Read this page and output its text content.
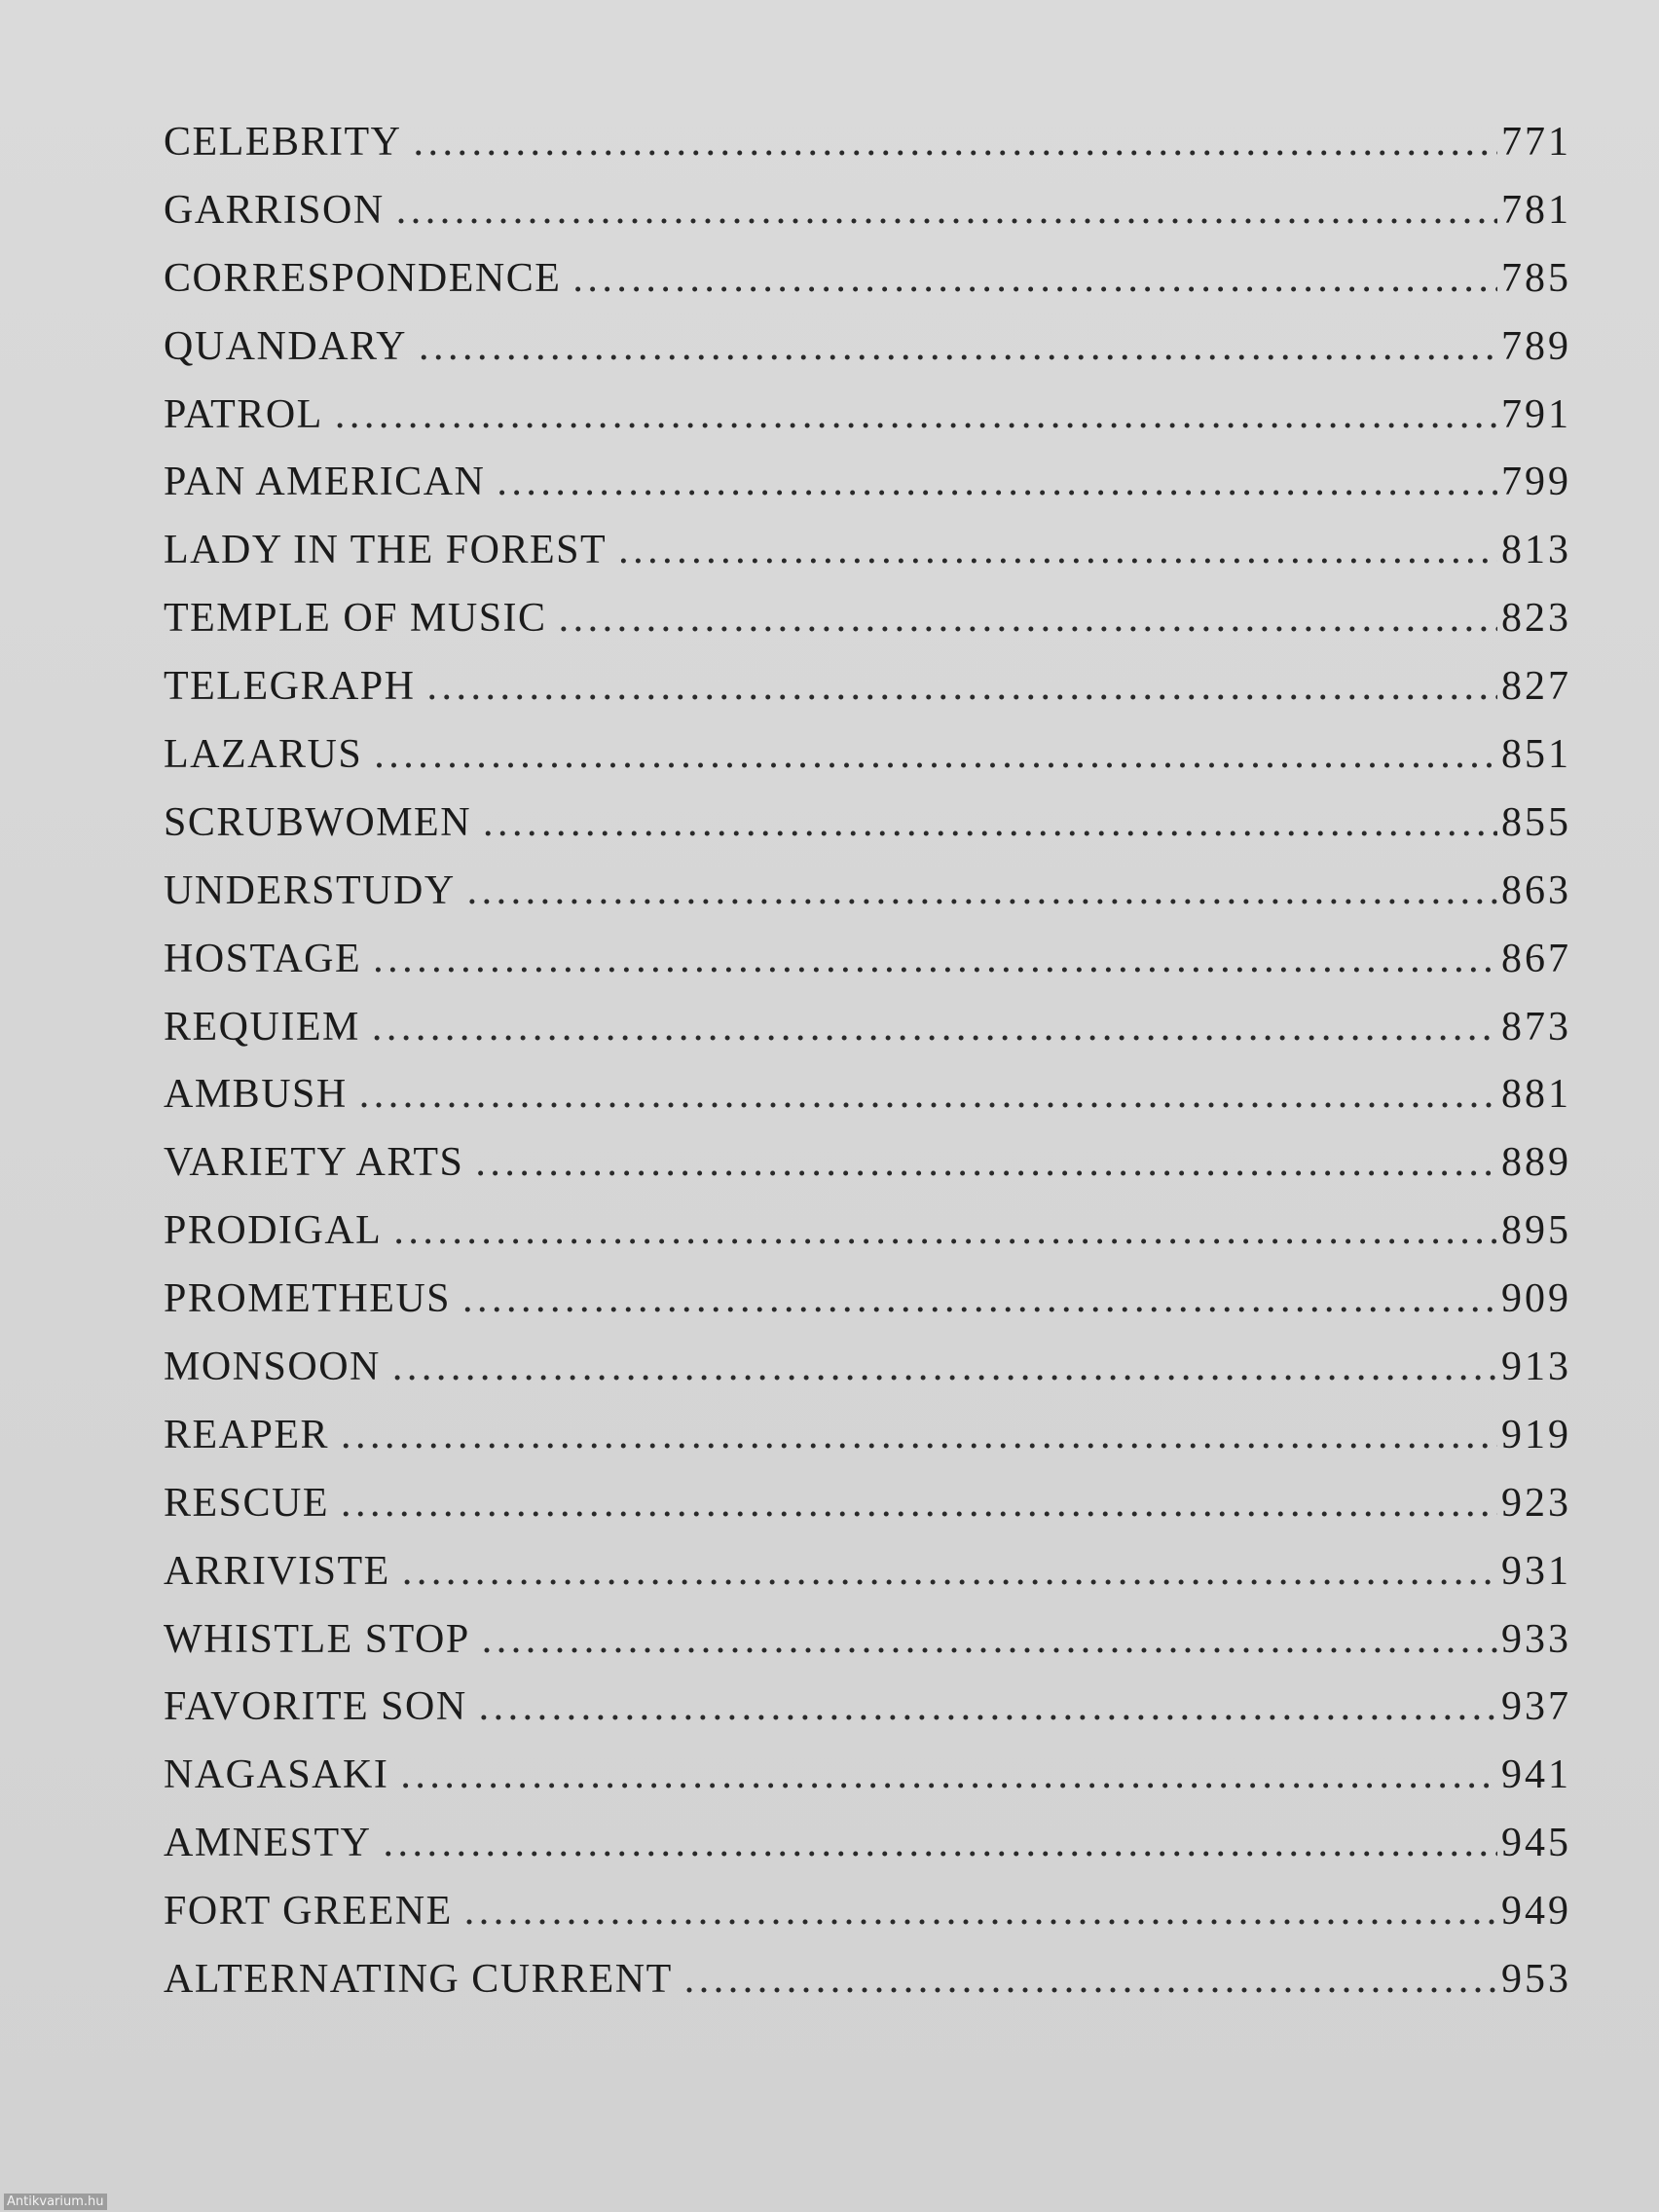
CELEBRITY . . .	771
GARRISON . . .	781
CORRESPONDENCE . . .	785
QUANDARY . . .	789
PATROL . . .	791
PAN AMERICAN . . .	799
LADY IN THE FOREST . . .	813
TEMPLE OF MUSIC . . .	823
TELEGRAPH . . .	827
LAZARUS . . .	851
SCRUBWOMEN . . .	855
UNDERSTUDY . . .	863
HOSTAGE . . .	867
REQUIEM . . .	873
AMBUSH . . .	881
VARIETY ARTS . . .	889
PRODIGAL . . .	895
PROMETHEUS . . .	909
MONSOON . . .	913
REAPER . . .	919
RESCUE . . .	923
ARRIVISTE . . .	931
WHISTLE STOP . . .	933
FAVORITE SON . . .	937
NAGASAKI . . .	941
AMNESTY . . .	945
FORT GREENE . . .	949
ALTERNATING CURRENT . . .	953
Antikvarium.hu
